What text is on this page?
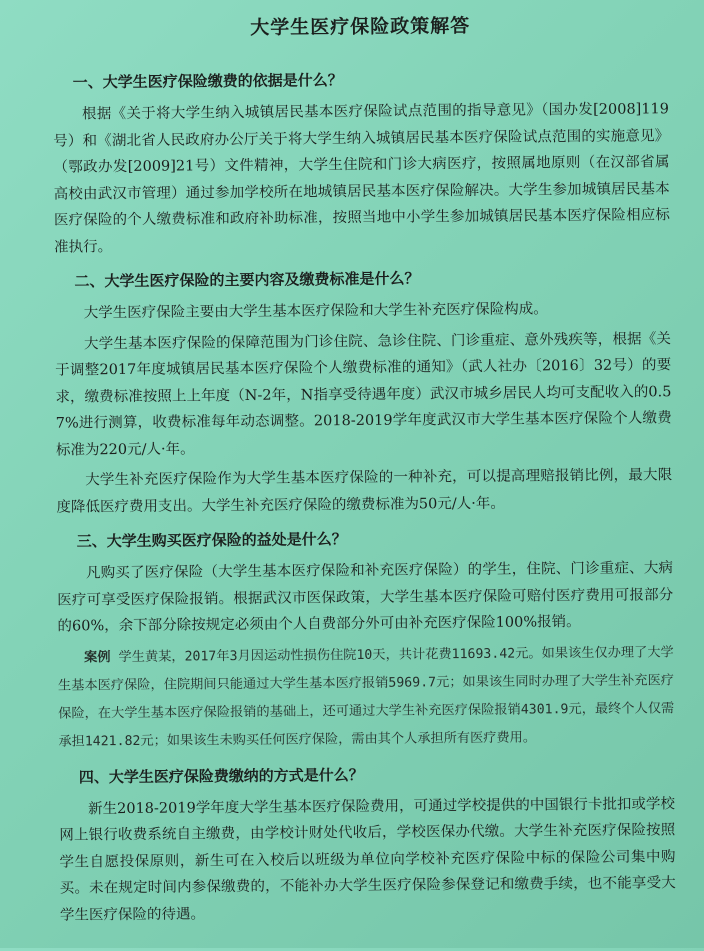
大学生医疗保险政策解答
一、大学生医疗保险缴费的依据是什么？

根据《关于将大学生纳入城镇居民基本医疗保险试点范围的指导意见》（国办发[2008]119号）和《湖北省人民政府办公厅关于将大学生纳入城镇居民基本医疗保险试点范围的实施意见》（鄂政办发[2009]21号）文件精神，大学生住院和门诊大病医疗，按照属地原则（在汉部省属高校由武汉市管理）通过参加学校所在地城镇居民基本医疗保险解决。大学生参加城镇居民基本医疗保险的个人缴费标准和政府补助标准，按照当地中小学生参加城镇居民基本医疗保险相应标准执行。

二、大学生医疗保险的主要内容及缴费标准是什么？

大学生医疗保险主要由大学生基本医疗保险和大学生补充医疗保险构成。

大学生基本医疗保险的保障范围为门诊住院、急诊住院、门诊重症、意外残疾等，根据《关于调整2017年度城镇居民基本医疗保险个人缴费标准的通知》（武人社办〔2016〕32号）的要求，缴费标准按照上上年度（N-2年，N指享受待遇年度）武汉市城乡居民人均可支配收入的0.57%进行测算，收费标准每年动态调整。2018-2019学年度武汉市大学生基本医疗保险个人缴费标准为220元/人·年。

大学生补充医疗保险作为大学生基本医疗保险的一种补充，可以提高理赔报销比例，最大限度降低医疗费用支出。大学生补充医疗保险的缴费标准为50元/人·年。

三、大学生购买医疗保险的益处是什么？

凡购买了医疗保险（大学生基本医疗保险和补充医疗保险）的学生，住院、门诊重症、大病医疗可享受医疗保险报销。根据武汉市医保政策，大学生基本医疗保险可赔付医疗费用可报部分的60%，余下部分除按规定必须由个人自费部分外可由补充医疗保险100%报销。

案例 学生黄某，2017年3月因运动性损伤住院10天，共计花费11693.42元。如果该生仅办理了大学生基本医疗保险，住院期间只能通过大学生基本医疗报销5969.7元；如果该生同时办理了大学生补充医疗保险，在大学生基本医疗保险报销的基础上，还可通过大学生补充医疗保险报销4301.9元，最终个人仅需承担1421.82元；如果该生未购买任何医疗保险，需由其个人承担所有医疗费用。

四、大学生医疗保险费缴纳的方式是什么？

新生2018-2019学年度大学生基本医疗保险费用，可通过学校提供的中国银行卡批扣或学校网上银行收费系统自主缴费，由学校计财处代收后，学校医保办代缴。大学生补充医疗保险按照学生自愿投保原则，新生可在入校后以班级为单位向学校补充医疗保险中标的保险公司集中购买。未在规定时间内参保缴费的，不能补办大学生医疗保险参保登记和缴费手续，也不能享受大学生医疗保险的待遇。
